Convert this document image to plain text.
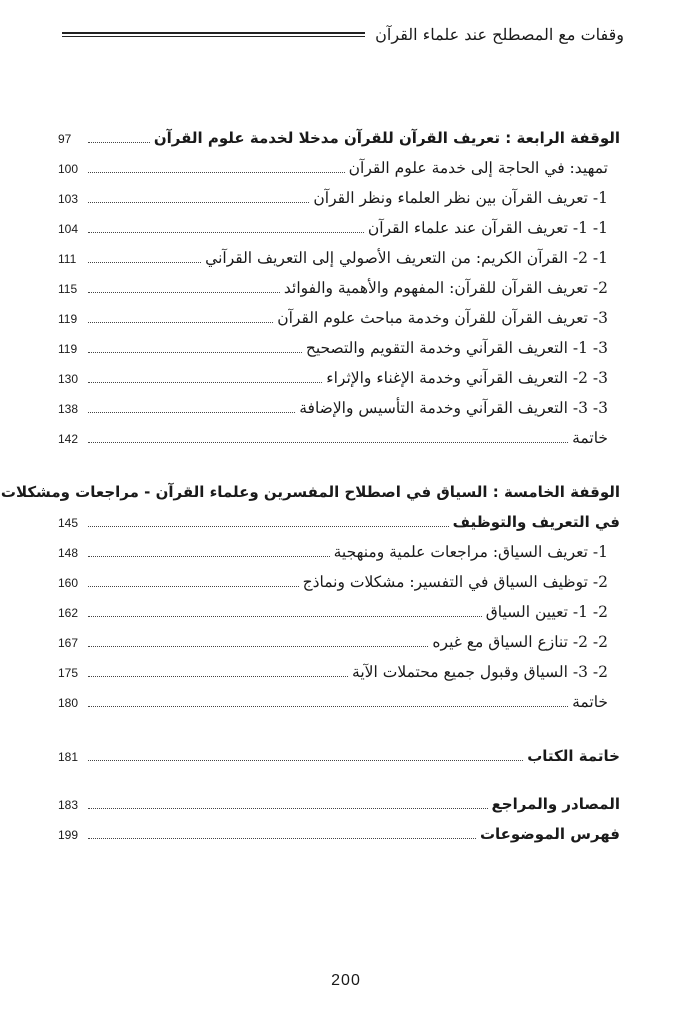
وقفات مع المصطلح عند علماء القرآن
الوقفة الرابعة : تعريف القرآن للقرآن مدخلا لخدمة علوم القرآن
97
تمهيد: في الحاجة إلى خدمة علوم القرآن
100
1- تعريف القرآن بين نظر العلماء ونظر القرآن
103
1- 1- تعريف القرآن عند علماء القرآن
104
1- 2- القرآن الكريم: من التعريف الأصولي إلى التعريف القرآني
111
2- تعريف القرآن للقرآن: المفهوم والأهمية والفوائد
115
3- تعريف القرآن للقرآن وخدمة مباحث علوم القرآن
119
3- 1- التعريف القرآني وخدمة التقويم والتصحيح
119
3- 2- التعريف القرآني وخدمة الإغناء والإثراء
130
3- 3- التعريف القرآني وخدمة التأسيس والإضافة
138
خاتمة
142
الوقفة الخامسة : السياق في اصطلاح المفسرين وعلماء القرآن - مراجعات ومشكلات
في التعريف والتوظيف
145
1- تعريف السياق: مراجعات علمية ومنهجية
148
2- توظيف السياق في التفسير: مشكلات ونماذج
160
2- 1- تعيين السياق
162
2- 2- تنازع السياق مع غيره
167
2- 3- السياق وقبول جميع محتملات الآية
175
خاتمة
180
خاتمة الكتاب
181
المصادر والمراجع
183
فهرس الموضوعات
199
200
